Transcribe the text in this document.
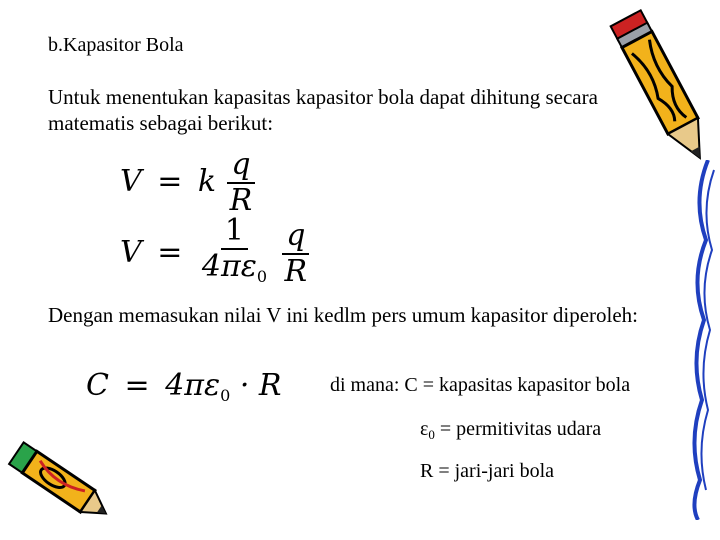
b.Kapasitor Bola
Untuk menentukan kapasitas kapasitor bola dapat dihitung secara matematis sebagai berikut:
V = k $\frac{q}{R}$
$V = \frac{1}{4\pi\varepsilon_0}$
$\frac{q}{R}$
Dengan memasukan nilai V ini kedlm pers umum kapasitor diperoleh:
$C = 4\pi\varepsilon_0 \cdot R$ di mana: C = kapasitas kapasitor bola
$\varepsilon_0$ = permitivitas udara
R = jari-jari bola
